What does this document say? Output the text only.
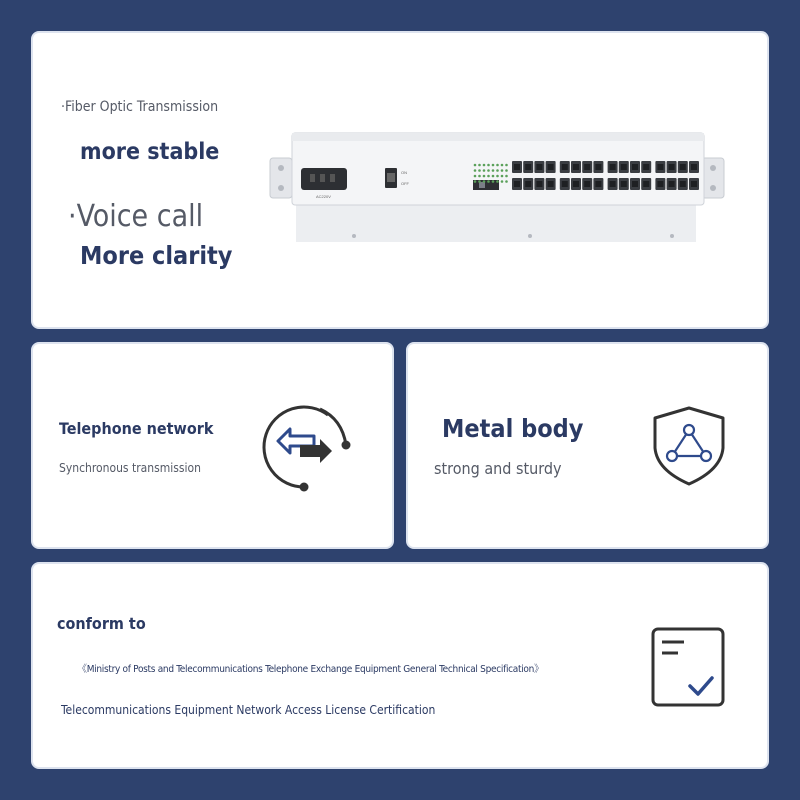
·Fiber Optic Transmission
more stable
·Voice call
More clarity
AC220V
ON
OFF
Telephone network
Synchronous transmission
Metal body
strong and sturdy
conform to
《Ministry of Posts and Telecommunications Telephone Exchange Equipment General Technical Specification》
Telecommunications Equipment Network Access License Certification
